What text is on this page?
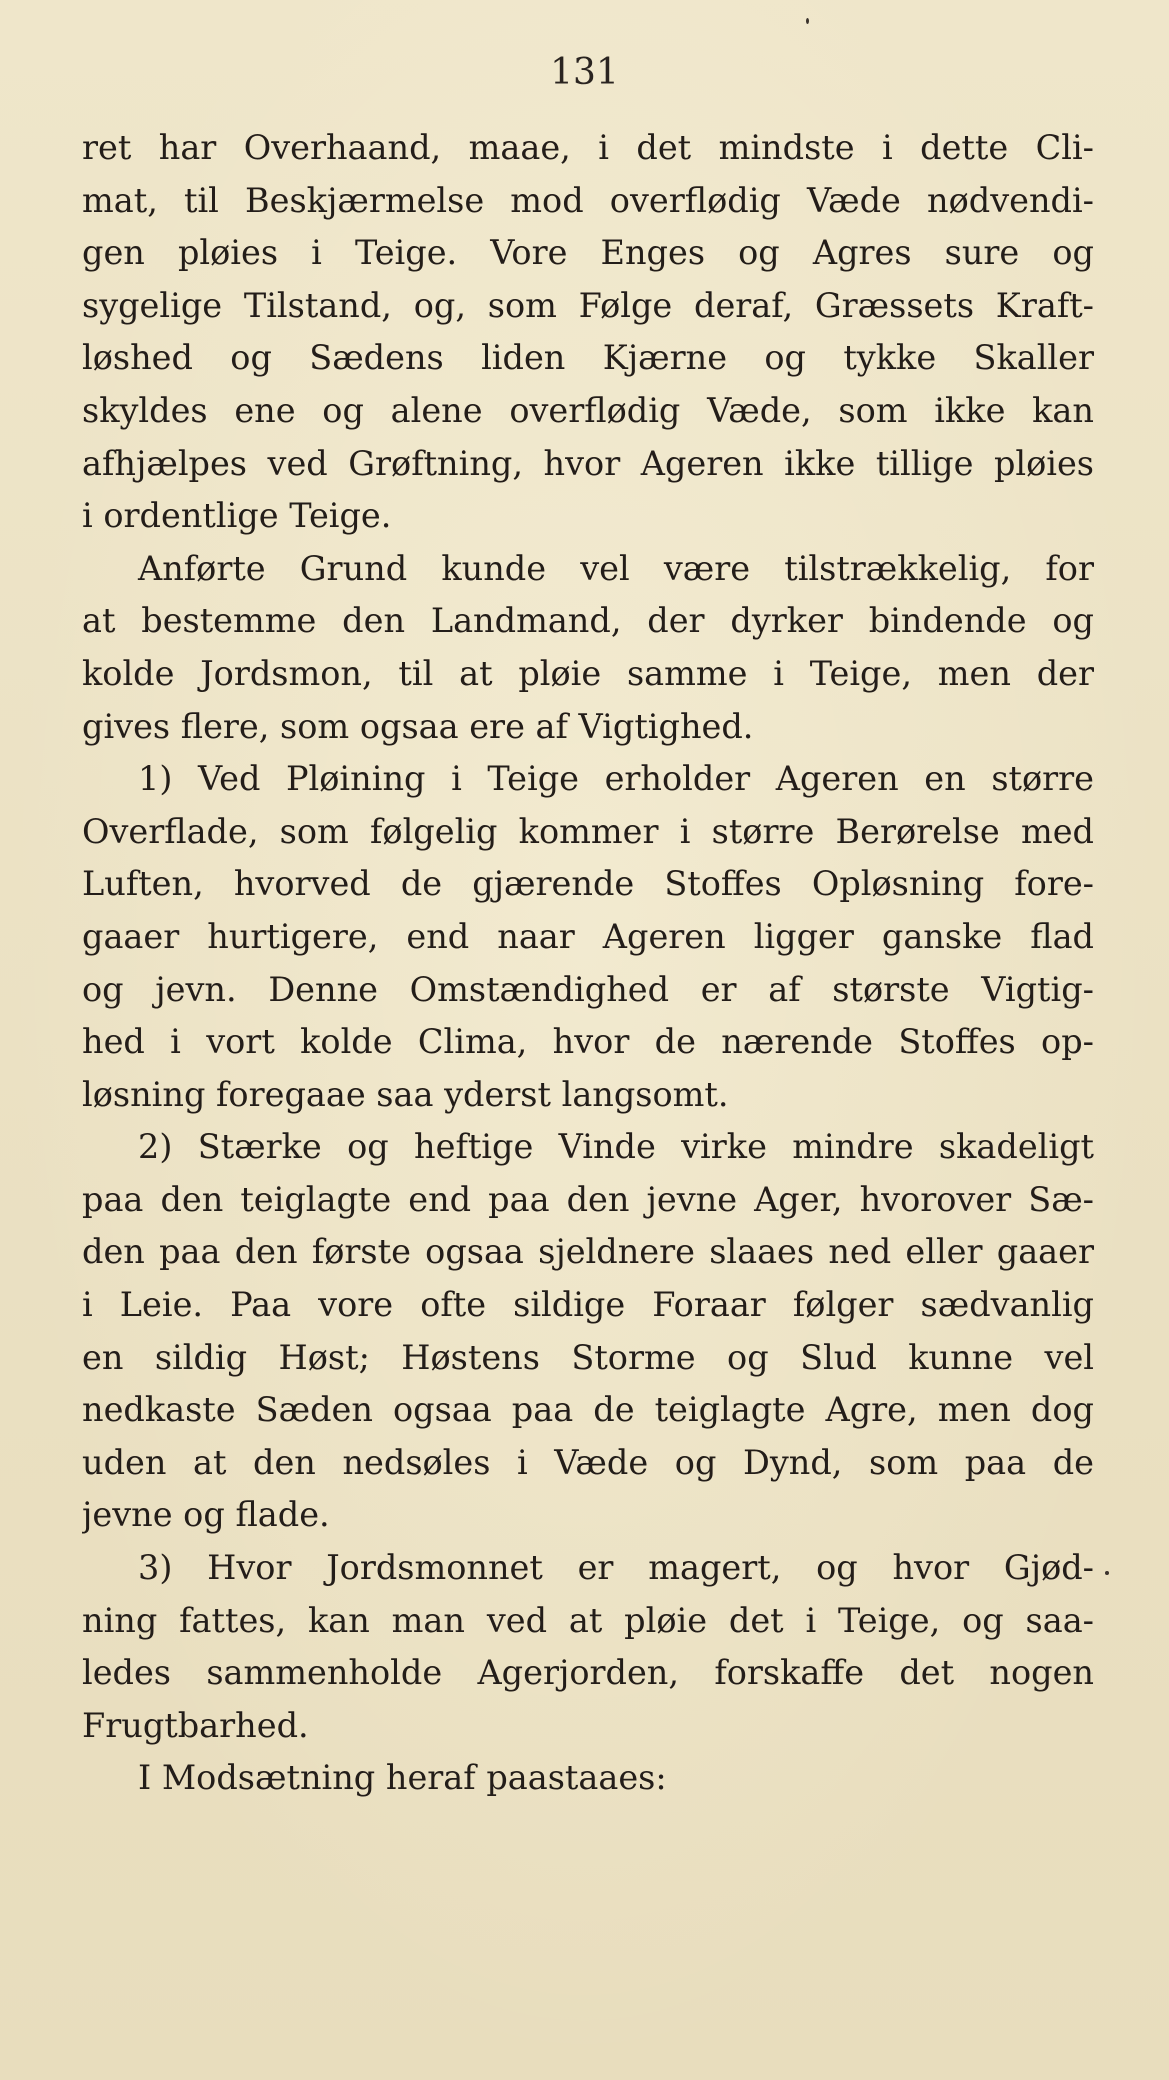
131
ret har Overhaand, maae, i det mindste i dette Cli-
mat, til Beskjærmelse mod overflødig Væde nødvendi-
gen pløies i Teige. Vore Enges og Agres sure og
sygelige Tilstand, og, som Følge deraf, Græssets Kraft-
løshed og Sædens liden Kjærne og tykke Skaller
skyldes ene og alene overflødig Væde, som ikke kan
afhjælpes ved Grøftning, hvor Ageren ikke tillige pløies
i ordentlige Teige.
Anførte Grund kunde vel være tilstrækkelig, for
at bestemme den Landmand, der dyrker bindende og
kolde Jordsmon, til at pløie samme i Teige, men der
gives flere, som ogsaa ere af Vigtighed.
1) Ved Pløining i Teige erholder Ageren en større
Overflade, som følgelig kommer i større Berørelse med
Luften, hvorved de gjærende Stoffes Opløsning fore-
gaaer hurtigere, end naar Ageren ligger ganske flad
og jevn. Denne Omstændighed er af største Vigtig-
hed i vort kolde Clima, hvor de nærende Stoffes op-
løsning foregaae saa yderst langsomt.
2) Stærke og heftige Vinde virke mindre skadeligt
paa den teiglagte end paa den jevne Ager, hvorover Sæ-
den paa den første ogsaa sjeldnere slaaes ned eller gaaer
i Leie. Paa vore ofte sildige Foraar følger sædvanlig
en sildig Høst; Høstens Storme og Slud kunne vel
nedkaste Sæden ogsaa paa de teiglagte Agre, men dog
uden at den nedsøles i Væde og Dynd, som paa de
jevne og flade.
3) Hvor Jordsmonnet er magert, og hvor Gjød-
ning fattes, kan man ved at pløie det i Teige, og saa-
ledes sammenholde Agerjorden, forskaffe det nogen
Frugtbarhed.
I Modsætning heraf paastaaes:
